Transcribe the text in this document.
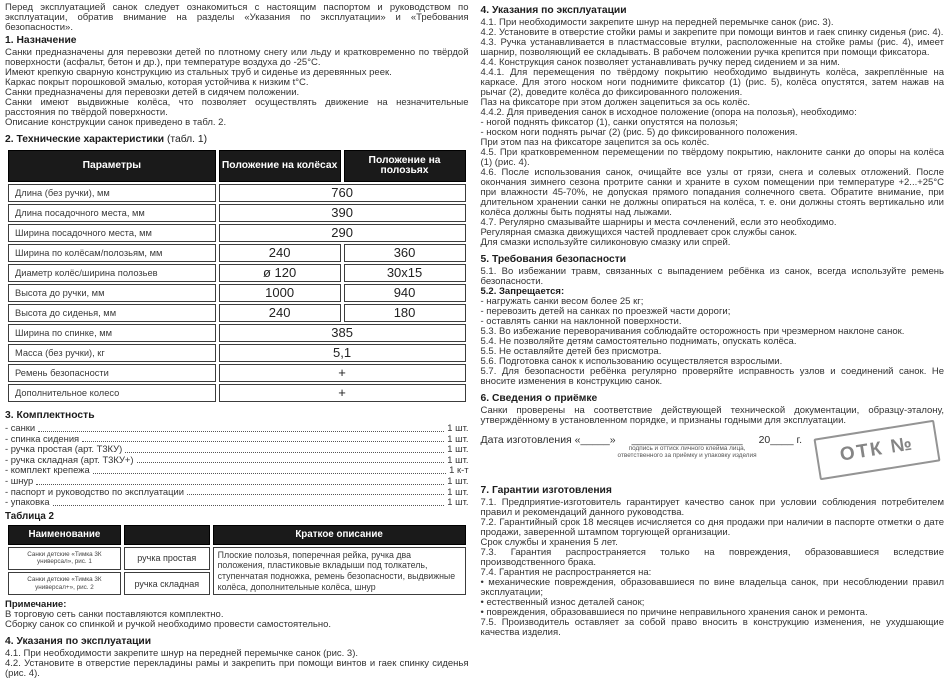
Перед эксплуатацией санок следует ознакомиться с настоящим паспортом и руководством по эксплуатации, обратив внимание на разделы «Указания по эксплуатации» и «Требования безопасности».

1. Назначение

Санки предназначены для перевозки детей по плотному снегу или льду и кратковременно по твёрдой поверхности (асфальт, бетон и др.), при температуре воздуха до -25°С.

Имеют крепкую сварную конструкцию из стальных труб и сиденье из деревянных реек.

Каркас покрыт порошковой эмалью, которая устойчива к низким t°С.

Санки предназначены для перевозки детей в сидячем положении.

Санки имеют выдвижные колёса, что позволяет осуществлять движение на незначительные расстояния по твёрдой поверхности.

Описание конструкции санок приведено в табл. 2.

2. Технические характеристики (табл. 1)
Параметры	Положение на колёсах	Положение на полозьях
Длина (без ручки), мм	760	
Длина посадочного места, мм	390	
Ширина посадочного места, мм	290	
Ширина по колёсам/полозьям, мм	240	360
Диаметр колёс/ширина полозьев	ø 120	30х15
Высота до ручки, мм	1000	940
Высота до сиденья, мм	240	180
Ширина по спинке, мм	385	
Масса (без ручки), кг	5,1	
Ремень безопасности	+	
Дополнительное колесо	+	
3. Комплектность
- санки	1 шт.
- спинка сидения	1 шт.
- ручка простая (арт. Т3КУ)	1 шт.
- ручка складная (арт. Т3КУ+)	1 шт.
- комплект крепежа	1 к-т
- шнур	1 шт.
- паспорт и руководство по эксплуатации	1 шт.
- упаковка	1 шт.
Таблица 2
Наименование		Краткое описание
Санки детские «Тимка 3К универсал», рис. 1	ручка простая	Плоские полозья, поперечная рейка, ручка два положения, пластиковые вкладыши под толкатель, ступенчатая подножка, ремень безопасности, выдвижные колёса, дополнительные колёса, шнур
Санки детские «Тимка 3К универсал+», рис. 2	ручка складная	
Примечание:

В торговую сеть санки поставляются комплектно.

Сборку санок со спинкой и ручкой необходимо провести самостоятельно.

4. Указания по эксплуатации

4.1. При необходимости закрепите шнур на передней перемычке санок (рис. 3).

4.2. Установите в отверстие перекладины рамы и закрепить при помощи винтов и гаек спинку сиденья (рис. 4).

4. Указания по эксплуатации

4.1. При необходимости закрепите шнур на передней перемычке санок (рис. 3).

4.2. Установите в отверстие стойки рамы и закрепите при помощи винтов и гаек спинку сиденья (рис. 4).

4.3. Ручка устанавливается в пластмассовые втулки, расположенные на стойке рамы (рис. 4), имеет шарнир, позволяющий ее складывать. В рабочем положении ручка крепится при помощи фиксатора.

4.4. Конструкция санок позволяет устанавливать ручку перед сидением и за ним.

4.4.1. Для перемещения по твёрдому покрытию необходимо выдвинуть колёса, закреплённые на каркасе. Для этого носком ноги поднимите фиксатор (1) (рис. 5), колёса опустятся, затем нажав на рычаг (2), доведите колёса до фиксированного положения.

Паз на фиксаторе при этом должен зацепиться за ось колёс.

4.4.2. Для приведения санок в исходное положение (опора на полозья), необходимо:

- ногой поднять фиксатор (1), санки опустятся на полозья;

- носком ноги поднять рычаг (2) (рис. 5) до фиксированного положения.

При этом паз на фиксаторе зацепится за ось колёс.

4.5. При кратковременном перемещении по твёрдому покрытию, наклоните санки до опоры на колёса (1) (рис. 4).

4.6. После использования санок, очищайте все узлы от грязи, снега и солевых отложений. После окончания зимнего сезона протрите санки и храните в сухом помещении при температуре +2...+25°С при влажности 45-70%, не допуская прямого попадания солнечного света. Обратите внимание, при длительном хранении санки не должны опираться на колёса, т. е. они должны стоять вертикально или колёса должны быть подняты над лыжами.

4.7. Регулярно смазывайте шарниры и места сочленений, если это необходимо.

Регулярная смазка движущихся частей продлевает срок службы санок.

Для смазки используйте силиконовую смазку или спрей.

5. Требования безопасности

5.1. Во избежании травм, связанных с выпадением ребёнка из санок, всегда используйте ремень безопасности.

5.2. Запрещается:

- нагружать санки весом более 25 кг;

- перевозить детей на санках по проезжей части дороги;

- оставлять санки на наклонной поверхности.

5.3. Во избежание переворачивания соблюдайте осторожность при чрезмерном наклоне санок.

5.4. Не позволяйте детям самостоятельно поднимать, опускать колёса.

5.5. Не оставляйте детей без присмотра.

5.6. Подготовка санок к использованию осуществляется взрослыми.

5.7. Для безопасности ребёнка регулярно проверяйте исправность узлов и соединений санок. Не вносите изменения в конструкцию санок.

6. Сведения о приёмке

Санки проверены на соответствие действующей технической документации, образцу-эталону, утверждённому в установленном порядке, и признаны годными для эксплуатации.

Дата изготовления «_____»	___________________
подпись и оттиск личного клейма лица,
ответственного за приёмку и упаковку изделия
20____ г. ОТК №
7. Гарантии изготовления

7.1. Предприятие-изготовитель гарантирует качество санок при условии соблюдения потребителем правил и рекомендаций данного руководства.

7.2. Гарантийный срок 18 месяцев исчисляется со дня продажи при наличии в паспорте отметки о дате продажи, заверенной штампом торгующей организации.

Срок службы и хранения 5 лет.

7.3. Гарантия распространяется только на повреждения, образовавшиеся вследствие производственного брака.

7.4. Гарантия не распространяется на:

• механические повреждения, образовавшиеся по вине владельца санок, при несоблюдении правил эксплуатации;

• естественный износ деталей санок;

• повреждения, образовавшиеся по причине неправильного хранения санок и ремонта.

7.5. Производитель оставляет за собой право вносить в конструкцию изменения, не ухудшающие качества изделия.
